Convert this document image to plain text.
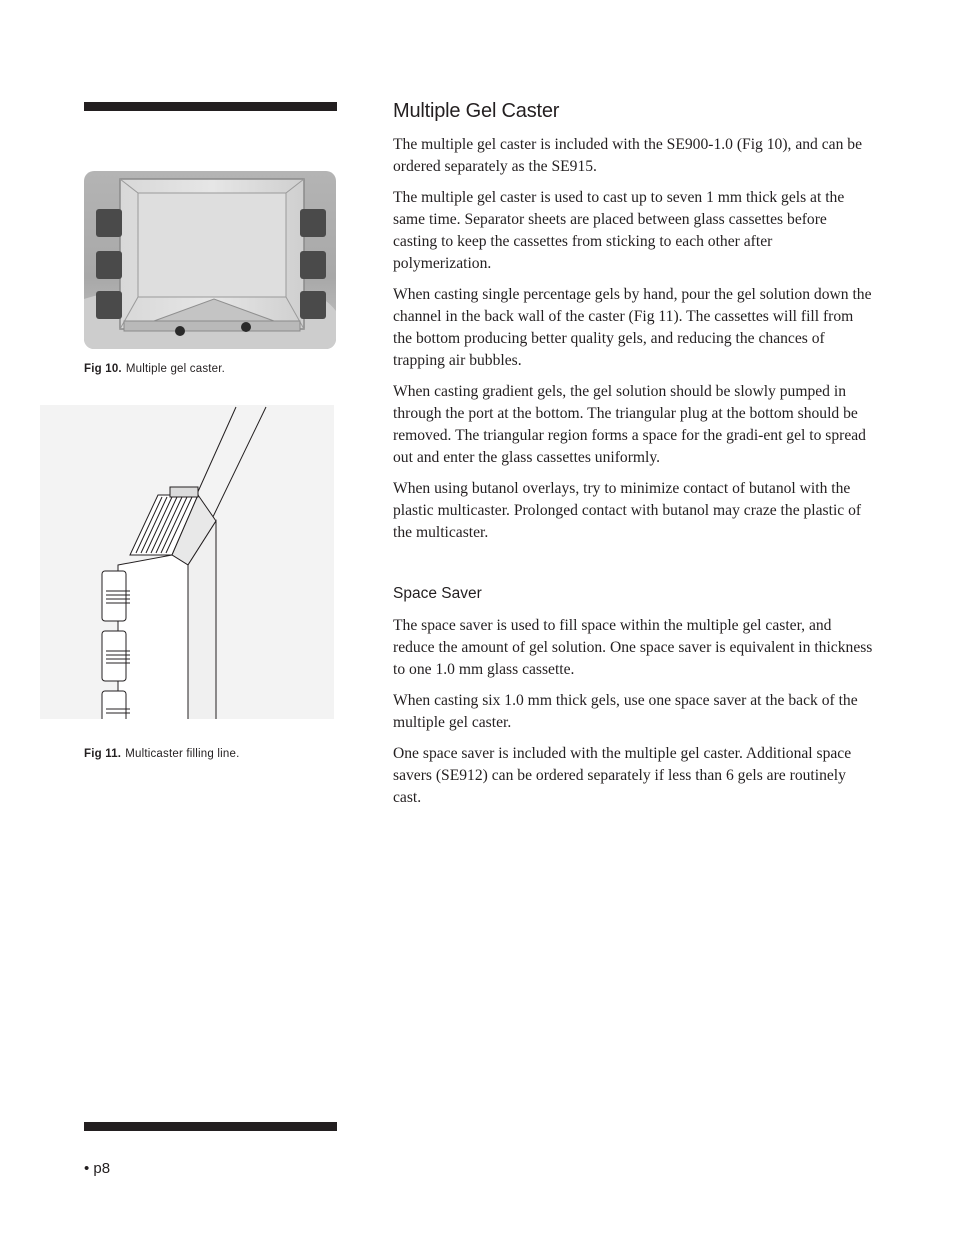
Fig 10. Multiple gel caster.
Fig 11. Multicaster filling line.
• p8
Multiple Gel Caster

The multiple gel caster is included with the SE900-1.0 (Fig 10), and can be ordered separately as the SE915.

The multiple gel caster is used to cast up to seven 1 mm thick gels at the same time. Separator sheets are placed between glass cassettes before casting to keep the cassettes from sticking to each other after polymerization.

When casting single percentage gels by hand, pour the gel solution down the channel in the back wall of the caster (Fig 11). The cassettes will fill from the bottom producing better quality gels, and reducing the chances of trapping air bubbles.

When casting gradient gels, the gel solution should be slowly pumped in through the port at the bottom. The triangular plug at the bottom should be removed. The triangular region forms a space for the gradi-ent gel to spread out and enter the glass cassettes uniformly.

When using butanol overlays, try to minimize contact of butanol with the plastic multicaster. Prolonged contact with butanol may craze the plastic of the multicaster.

Space Saver

The space saver is used to fill space within the multiple gel caster, and reduce the amount of gel solution. One space saver is equivalent in thickness to one 1.0 mm glass cassette.

When casting six 1.0 mm thick gels, use one space saver at the back of the multiple gel caster.

One space saver is included with the multiple gel caster. Additional space savers (SE912) can be ordered separately if less than 6 gels are routinely cast.
